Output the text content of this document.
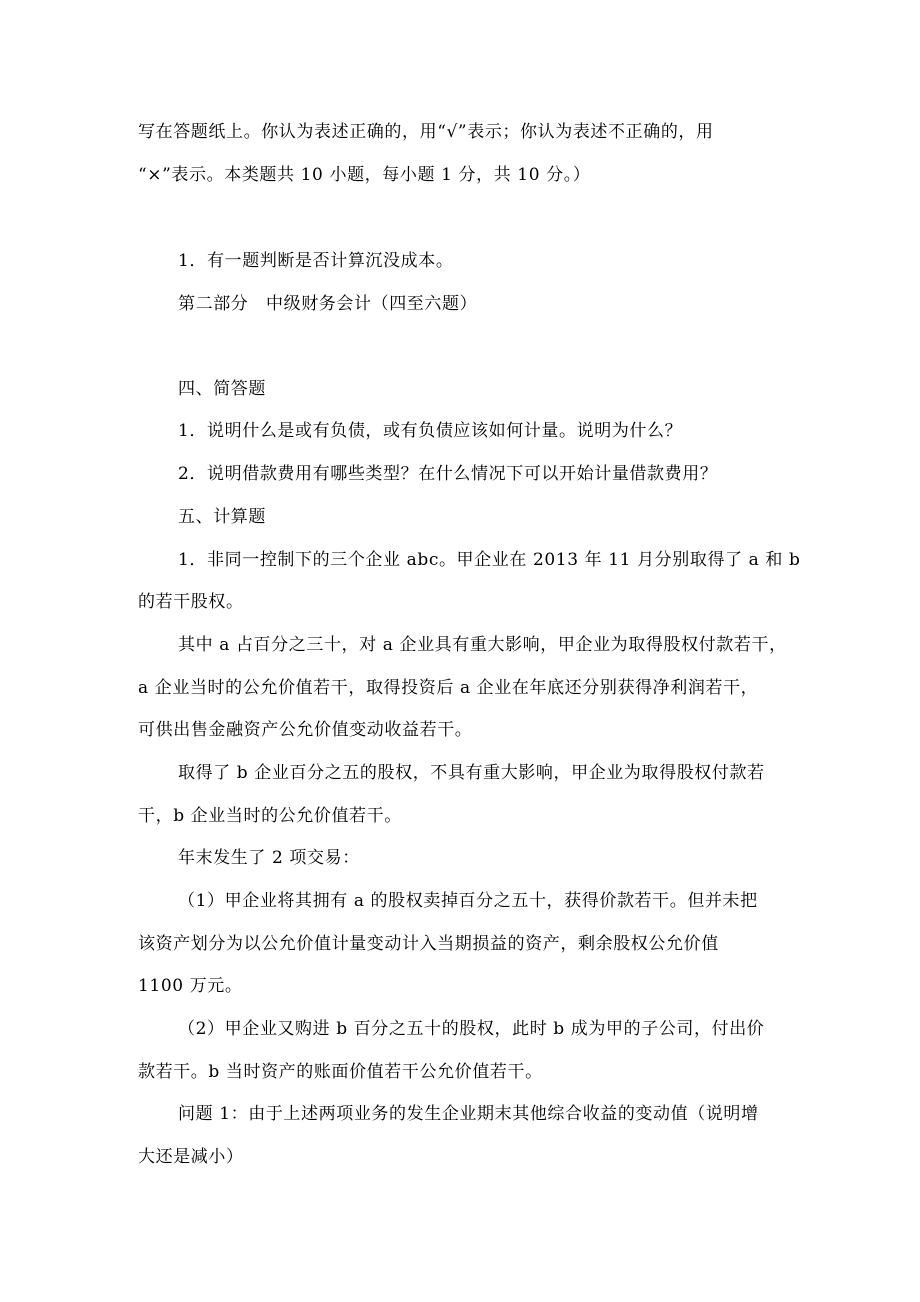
写在答题纸上。你认为表述正确的，用“√”表示；你认为表述不正确的，用
“×”表示。本类题共 10 小题，每小题 1 分，共 10 分。）
1．有一题判断是否计算沉没成本。
第二部分　中级财务会计（四至六题）
四、简答题
1．说明什么是或有负债，或有负债应该如何计量。说明为什么？
2．说明借款费用有哪些类型？在什么情况下可以开始计量借款费用？
五、计算题
1．非同一控制下的三个企业 abc。甲企业在 2013 年 11 月分别取得了 a 和 b
的若干股权。
其中 a 占百分之三十，对 a 企业具有重大影响，甲企业为取得股权付款若干，
a 企业当时的公允价值若干，取得投资后 a 企业在年底还分别获得净利润若干，
可供出售金融资产公允价值变动收益若干。
取得了 b 企业百分之五的股权，不具有重大影响，甲企业为取得股权付款若
干，b 企业当时的公允价值若干。
年末发生了 2 项交易：
（1）甲企业将其拥有 a 的股权卖掉百分之五十，获得价款若干。但并未把
该资产划分为以公允价值计量变动计入当期损益的资产，剩余股权公允价值
1100 万元。
（2）甲企业又购进 b 百分之五十的股权，此时 b 成为甲的子公司，付出价
款若干。b 当时资产的账面价值若干公允价值若干。
问题 1：由于上述两项业务的发生企业期末其他综合收益的变动值（说明增
大还是减小）
